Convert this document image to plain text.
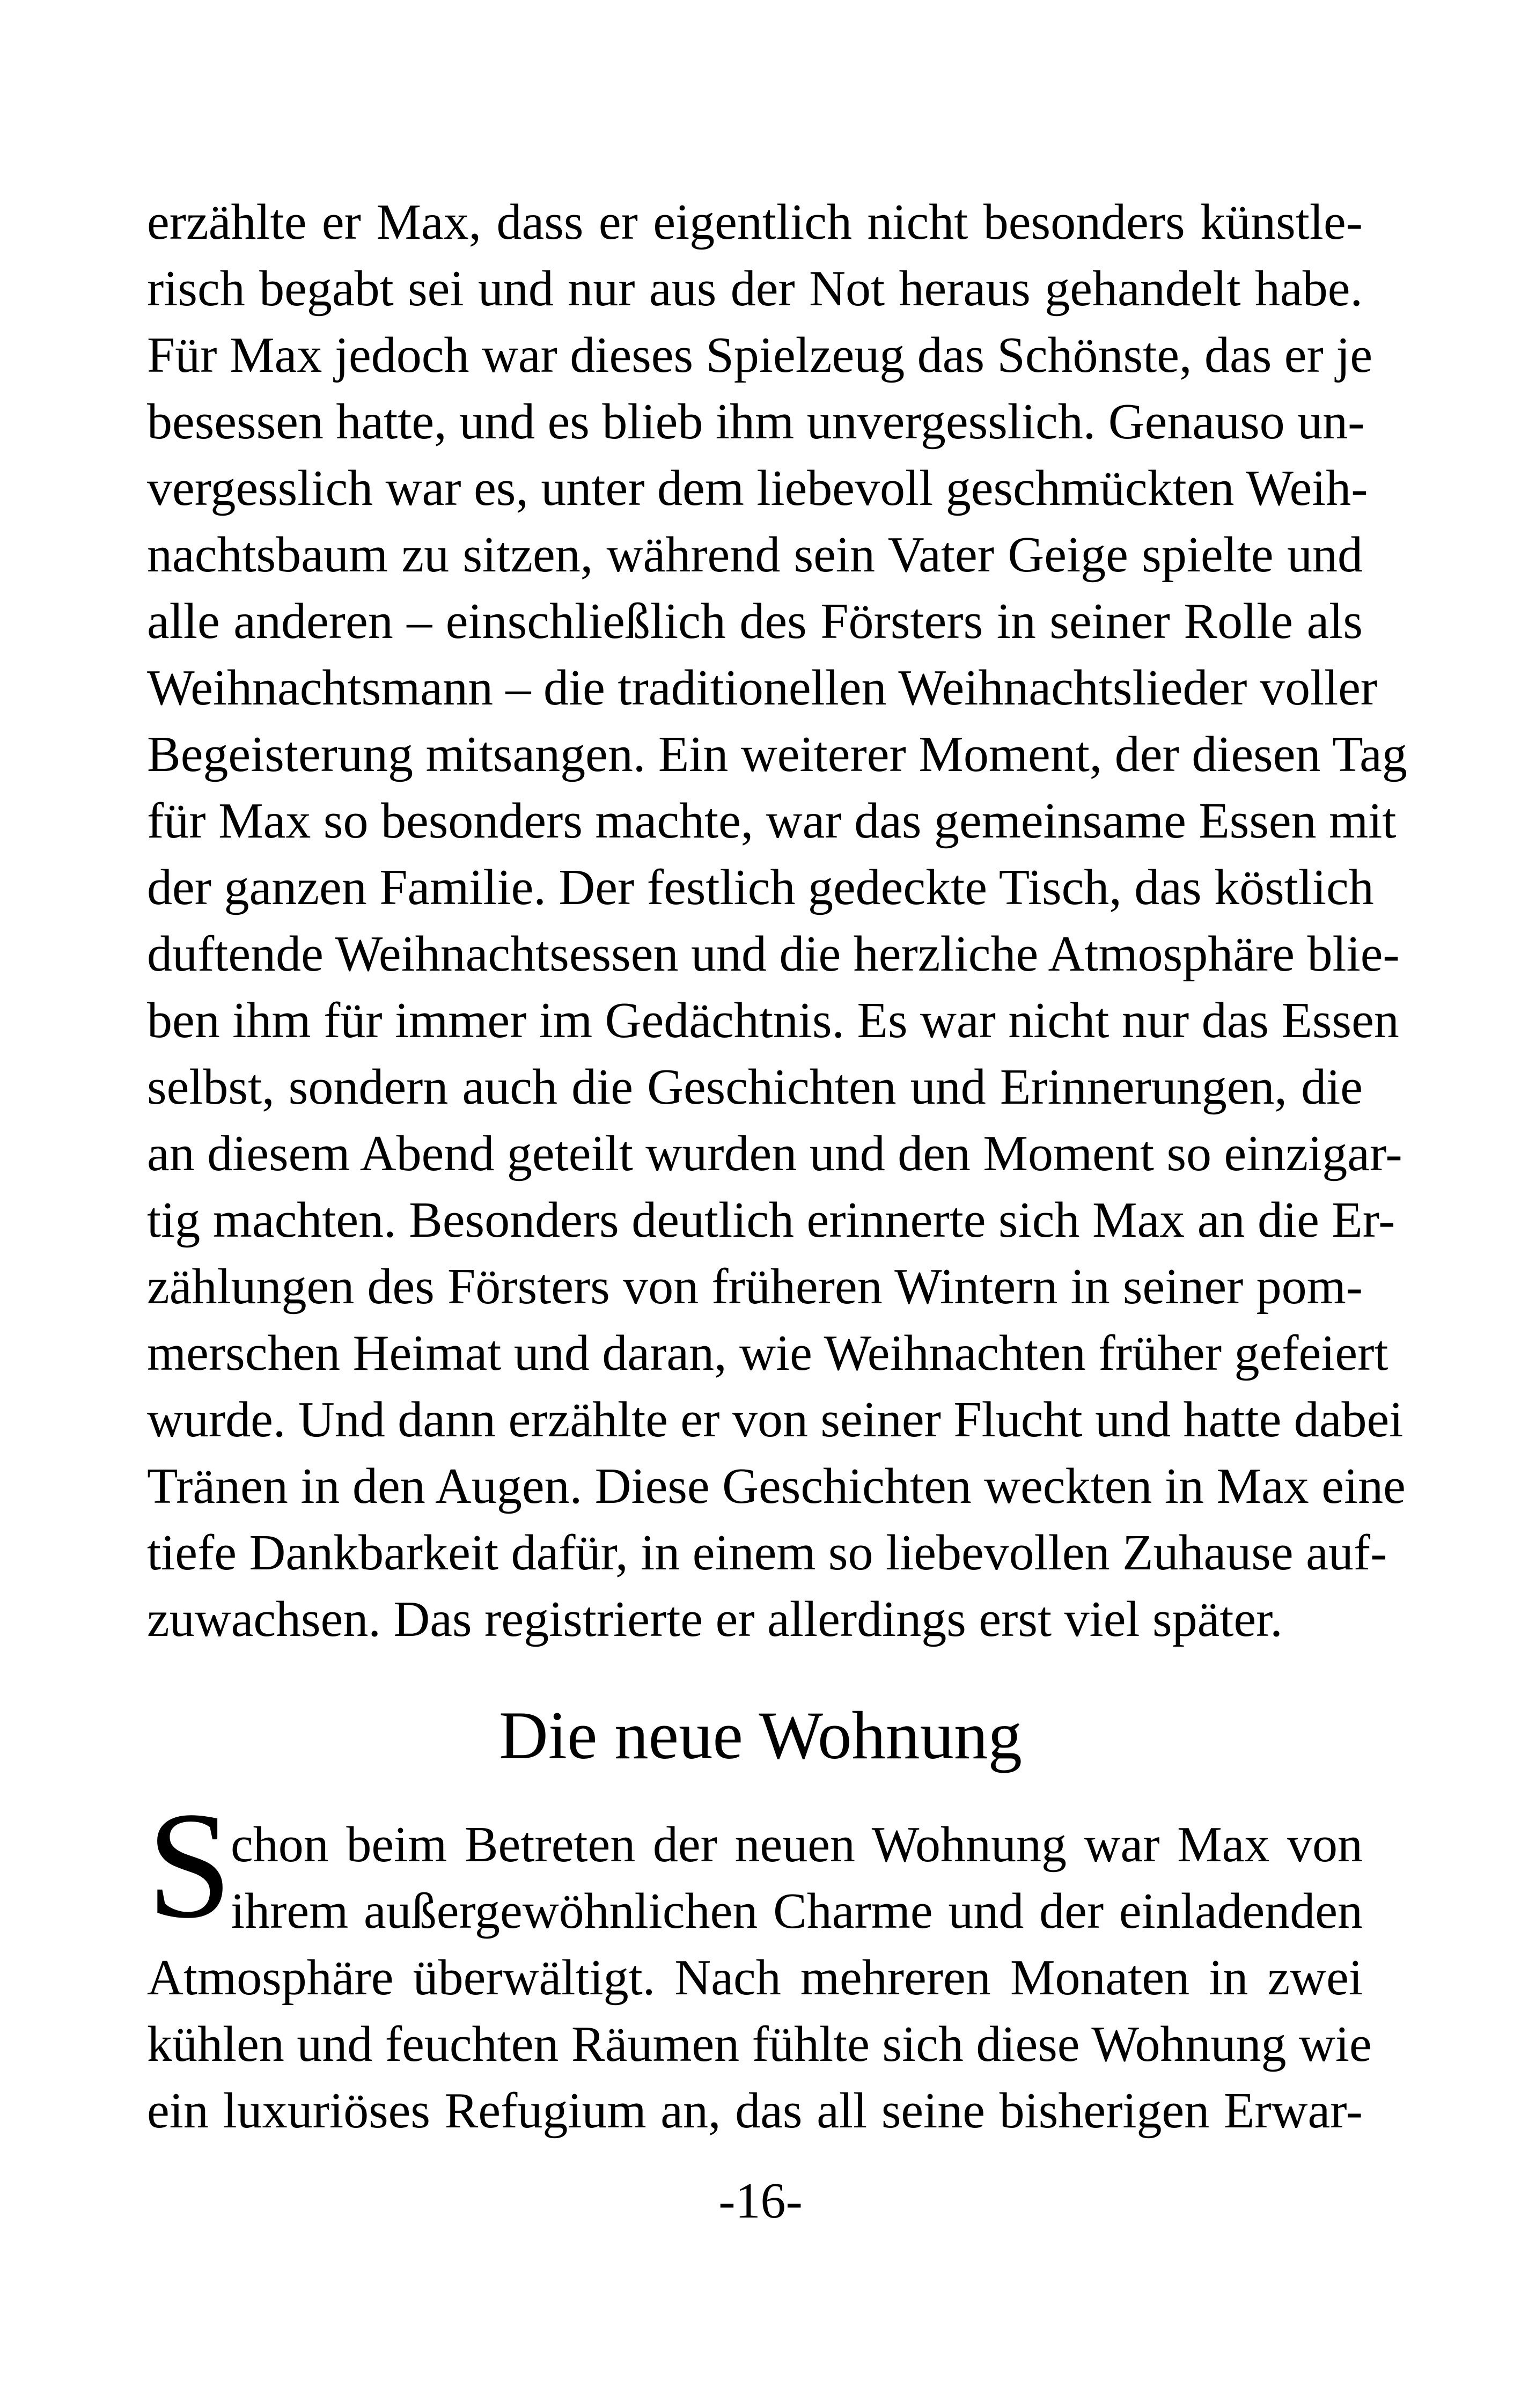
erzählte er Max, dass er eigentlich nicht besonders künstle-
risch begabt sei und nur aus der Not heraus gehandelt habe.
Für Max jedoch war dieses Spielzeug das Schönste, das er je
besessen hatte, und es blieb ihm unvergesslich. Genauso un-
vergesslich war es, unter dem liebevoll geschmückten Weih-
nachtsbaum zu sitzen, während sein Vater Geige spielte und
alle anderen – einschließlich des Försters in seiner Rolle als
Weihnachtsmann – die traditionellen Weihnachtslieder voller
Begeisterung mitsangen. Ein weiterer Moment, der diesen Tag
für Max so besonders machte, war das gemeinsame Essen mit
der ganzen Familie. Der festlich gedeckte Tisch, das köstlich
duftende Weihnachtsessen und die herzliche Atmosphäre blie-
ben ihm für immer im Gedächtnis. Es war nicht nur das Essen
selbst, sondern auch die Geschichten und Erinnerungen, die
an diesem Abend geteilt wurden und den Moment so einzigar-
tig machten. Besonders deutlich erinnerte sich Max an die Er-
zählungen des Försters von früheren Wintern in seiner pom-
merschen Heimat und daran, wie Weihnachten früher gefeiert
wurde. Und dann erzählte er von seiner Flucht und hatte dabei
Tränen in den Augen. Diese Geschichten weckten in Max eine
tiefe Dankbarkeit dafür, in einem so liebevollen Zuhause auf-
zuwachsen. Das registrierte er allerdings erst viel später.
Die neue Wohnung
S
chon beim Betreten der neuen Wohnung war Max von
ihrem außergewöhnlichen Charme und der einladenden
Atmosphäre überwältigt. Nach mehreren Monaten in zwei
kühlen und feuchten Räumen fühlte sich diese Wohnung wie
ein luxuriöses Refugium an, das all seine bisherigen Erwar-
-16-
